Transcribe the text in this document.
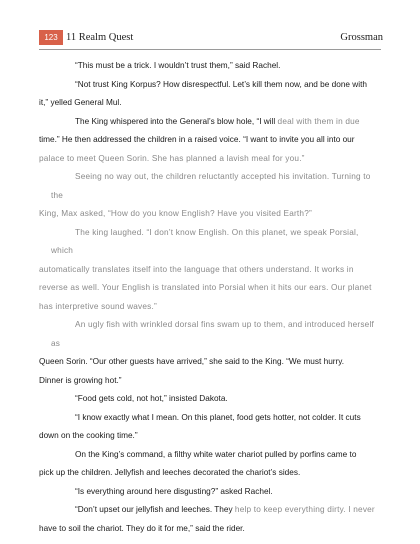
123 11 Realm Quest	Grossman

“This must be a trick. I wouldn’t trust them,” said Rachel.

“Not trust King Korpus? How disrespectful. Let’s kill them now, and be done with

it,” yelled General Mul.

The King whispered into the General’s blow hole, “I will deal with them in due

time.” He then addressed the children in a raised voice. “I want to invite you all into our

palace to meet Queen Sorin. She has planned a lavish meal for you.”

Seeing no way out, the children reluctantly accepted his invitation. Turning to the

King, Max asked, “How do you know English? Have you visited Earth?”

The king laughed. “I don’t know English. On this planet, we speak Porsial, which

automatically translates itself into the language that others understand. It works in

reverse as well. Your English is translated into Porsial when it hits our ears. Our planet

has interpretive sound waves.”

An ugly fish with wrinkled dorsal fins swam up to them, and introduced herself as

Queen Sorin. “Our other guests have arrived,” she said to the King. “We must hurry.

Dinner is growing hot.”

“Food gets cold, not hot,” insisted Dakota.

“I know exactly what I mean. On this planet, food gets hotter, not colder. It cuts

down on the cooking time.”

On the King’s command, a filthy white water chariot pulled by porfins came to

pick up the children. Jellyfish and leeches decorated the chariot’s sides.

“Is everything around here disgusting?” asked Rachel.

“Don’t upset our jellyfish and leeches. They help to keep everything dirty. I never

have to soil the chariot. They do it for me,” said the rider.
